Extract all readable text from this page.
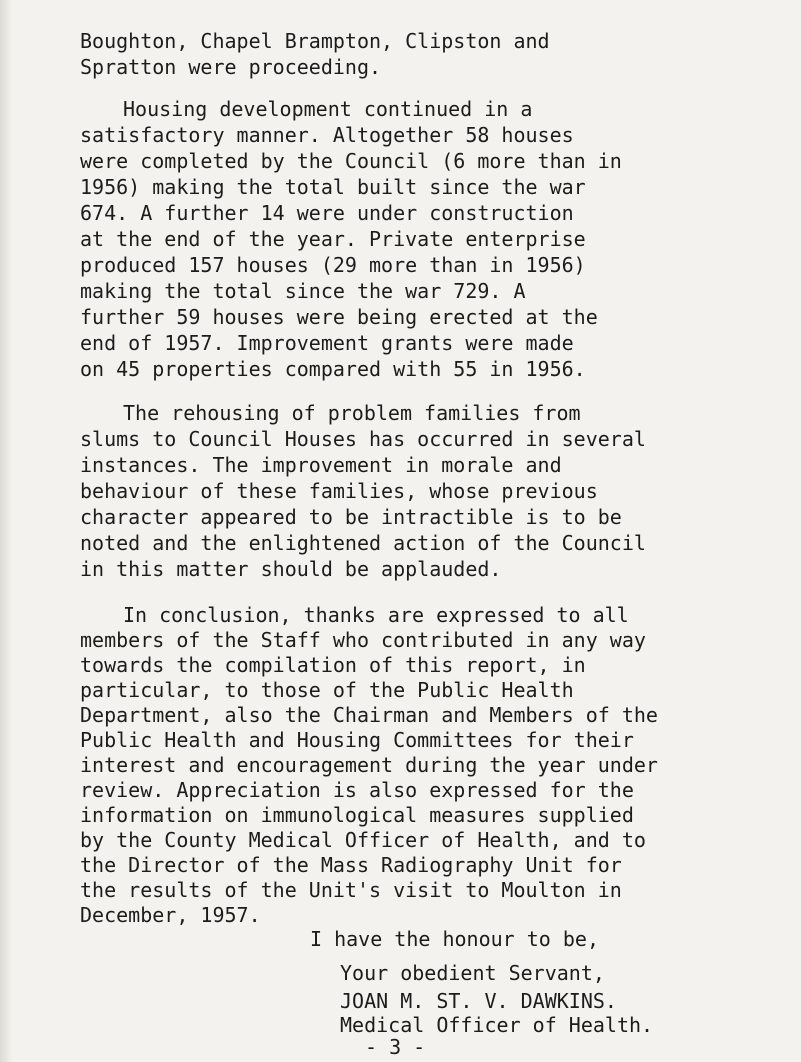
Boughton, Chapel Brampton, Clipston and
Spratton were proceeding.
Housing development continued in a
satisfactory manner. Altogether 58 houses
were completed by the Council (6 more than in
1956) making the total built since the war
674. A further 14 were under construction
at the end of the year. Private enterprise
produced 157 houses (29 more than in 1956)
making the total since the war 729. A
further 59 houses were being erected at the
end of 1957. Improvement grants were made
on 45 properties compared with 55 in 1956.
The rehousing of problem families from
slums to Council Houses has occurred in several
instances. The improvement in morale and
behaviour of these families, whose previous
character appeared to be intractible is to be
noted and the enlightened action of the Council
in this matter should be applauded.
In conclusion, thanks are expressed to all
members of the Staff who contributed in any way
towards the compilation of this report, in
particular, to those of the Public Health
Department, also the Chairman and Members of the
Public Health and Housing Committees for their
interest and encouragement during the year under
review. Appreciation is also expressed for the
information on immunological measures supplied
by the County Medical Officer of Health, and to
the Director of the Mass Radiography Unit for
the results of the Unit's visit to Moulton in
December, 1957.
I have the honour to be,
Your obedient Servant,
JOAN M. ST. V. DAWKINS.
Medical Officer of Health.
- 3 -
